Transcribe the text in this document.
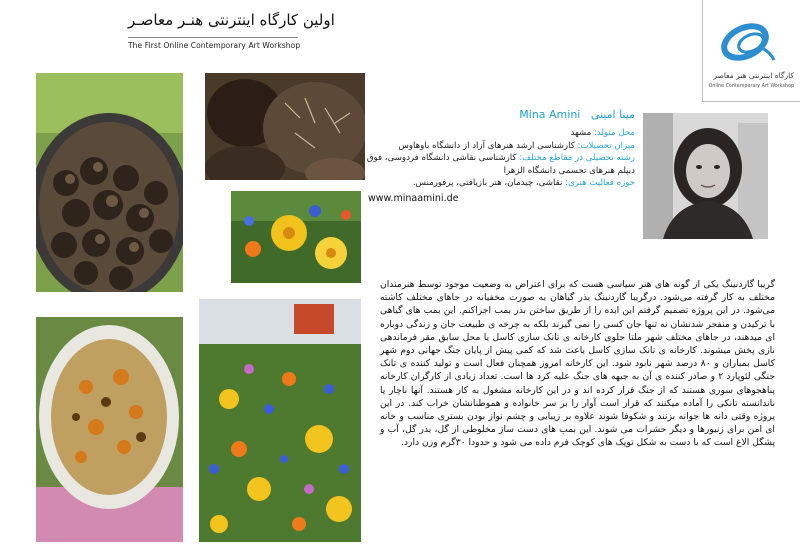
اولین کارگاه اینترنتی هنـر معاصـر
The First Online Contemporary Art Workshop
کارگاه اینترنتی هنر معاصر
Online Contemporary Art Workshop
Mina Amini مینا امینی
محل متولد: مشهد
میزان تحصیلات: کارشناسی ارشد هنرهای آزاد از دانشگاه باوهاوس
رشته تحصیلی در مقاطع مختلف: کارشناسی نقاشی دانشگاه فردوسی، فوق دیپلم هنرهای تجسمی دانشگاه الزهرا
حوزه فعالیت هنری: نقاشی، چیدمان، هنر بازیافتی، پرفورمنس.
www.minaamini.de
گریبا گاردنینگ یکی از گونه های هنر سیاسی هست که برای اعتراض به وضعیت موجود توسط هنرمندان مختلف به کار گرفته می‌شود. درگریبا گاردنینگ بذر گیاهان به صورت مخفیانه در جاهای مختلف کاشته می‌شود. در این پروژه تصمیم گرفتم این ایده را از طریق ساختن بذر بمب اجراکنم. این بمب های گیاهی با ترکیدن و منفجر شدنشان نه تنها جان کسی را نمی گیرند بلکه به چرخه ی طبیعت جان و زندگی دوباره ای میدهند، در جاهای مختلف شهر ملتا جلوی کارخانه ی تانک سازی کاسل یا محل سابق مقر فرماندهی نازی پخش میشوند. کارخانه ی تانک سازی کاسل باعث شد که کمی پیش از پایان جنگ جهانی دوم شهر کاسل بمباران و ۸۰ درصد شهر نابود شود. این کارخانه امروز همچنان فعال است و تولید کننده ی تانک جنگی لئوپارد ۲ و صادر کننده ی آن به جبهه های جنگ علیه کرد ها است. تعداد زیادی از کارگران کارخانه پناهجوهای سوری هستند که از جنگ فرار کرده اند و در این کارخانه مشغول به کار هستند. آنها ناچار یا ناندانسته تانکی را آماده میکنند که قرار است آوار را بر سر خانواده و هموطنانشان خراب کند. در این پروژه وقتی دانه ها جوانه بزنند و شکوفا شوند علاوه بر زیبایی و چشم نواز بودن بستری مناسب و خانه ای امن برای زنبورها و دیگر حشرات می شوند. این بمب های دست ساز مخلوطی از گل، بذر گل، آب و پشگل الاغ است که با دست به شکل توپک های کوچک فرم داده می شود و حدودا ۳۰گرم وزن دارد.
